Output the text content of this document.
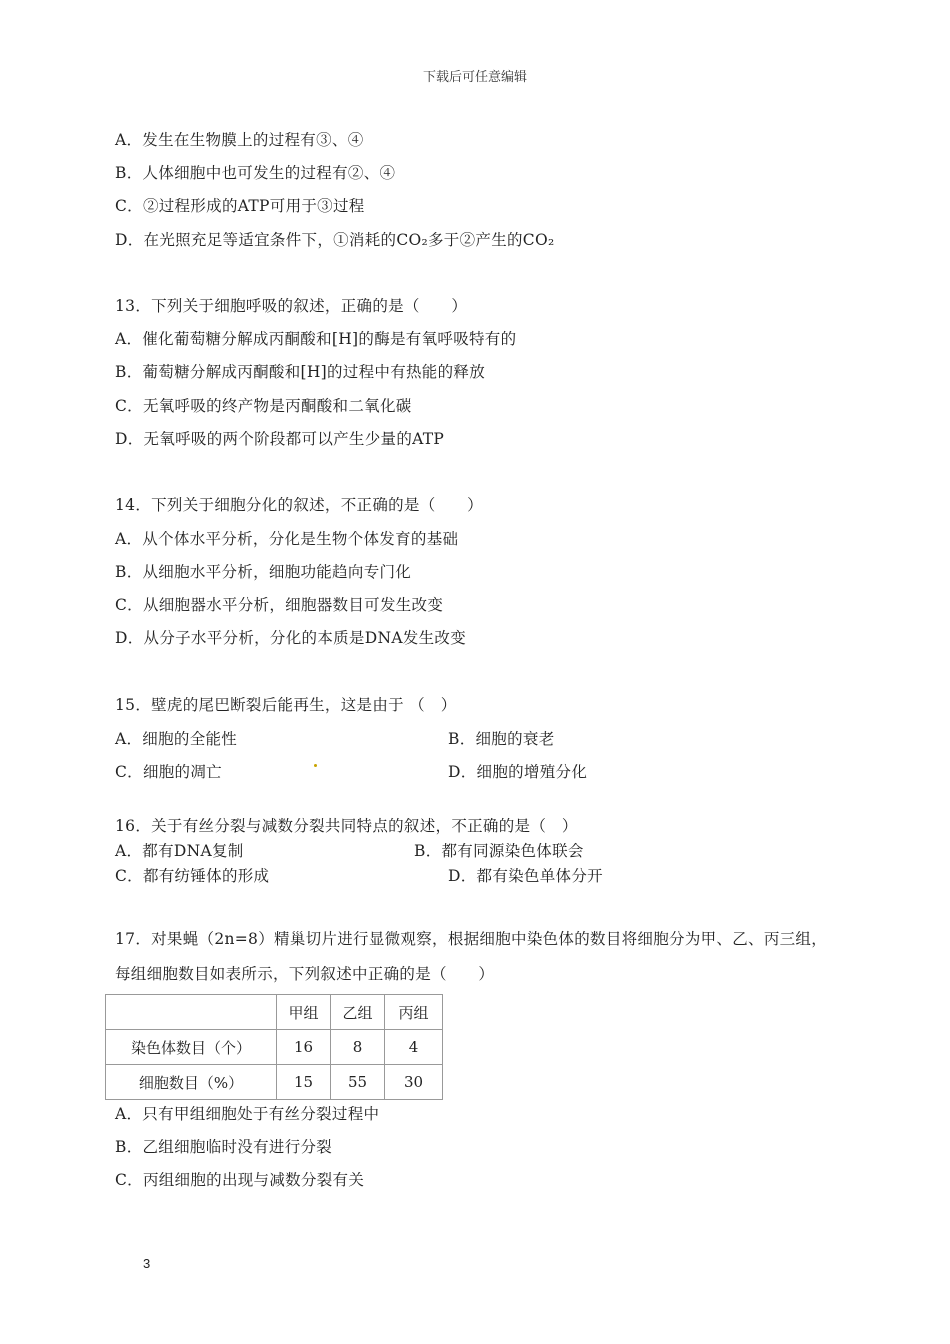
下载后可任意编辑
A．发生在生物膜上的过程有③、④
B．人体细胞中也可发生的过程有②、④
C．②过程形成的ATP可用于③过程
D．在光照充足等适宜条件下，①消耗的CO₂多于②产生的CO₂
13．下列关于细胞呼吸的叙述，正确的是（　　）
A．催化葡萄糖分解成丙酮酸和[H]的酶是有氧呼吸特有的
B．葡萄糖分解成丙酮酸和[H]的过程中有热能的释放
C．无氧呼吸的终产物是丙酮酸和二氧化碳
D．无氧呼吸的两个阶段都可以产生少量的ATP
14．下列关于细胞分化的叙述，不正确的是（　　）
A．从个体水平分析，分化是生物个体发育的基础
B．从细胞水平分析，细胞功能趋向专门化
C．从细胞器水平分析，细胞器数目可发生改变
D．从分子水平分析，分化的本质是DNA发生改变
15．壁虎的尾巴断裂后能再生，这是由于 （　）
A．细胞的全能性	B．细胞的衰老
C．细胞的凋亡	D．细胞的增殖分化
16．关于有丝分裂与减数分裂共同特点的叙述，不正确的是（　）
A．都有DNA复制	B．都有同源染色体联会
C．都有纺锤体的形成	D．都有染色单体分开
17．对果蝇（2n=8）精巢切片进行显微观察，根据细胞中染色体的数目将细胞分为甲、乙、丙三组，
每组细胞数目如表所示，下列叙述中正确的是（　　）
	甲组	乙组	丙组
染色体数目（个）	16	8	4
细胞数目（%）	15	55	30
A．只有甲组细胞处于有丝分裂过程中
B．乙组细胞临时没有进行分裂
C．丙组细胞的出现与减数分裂有关
3
